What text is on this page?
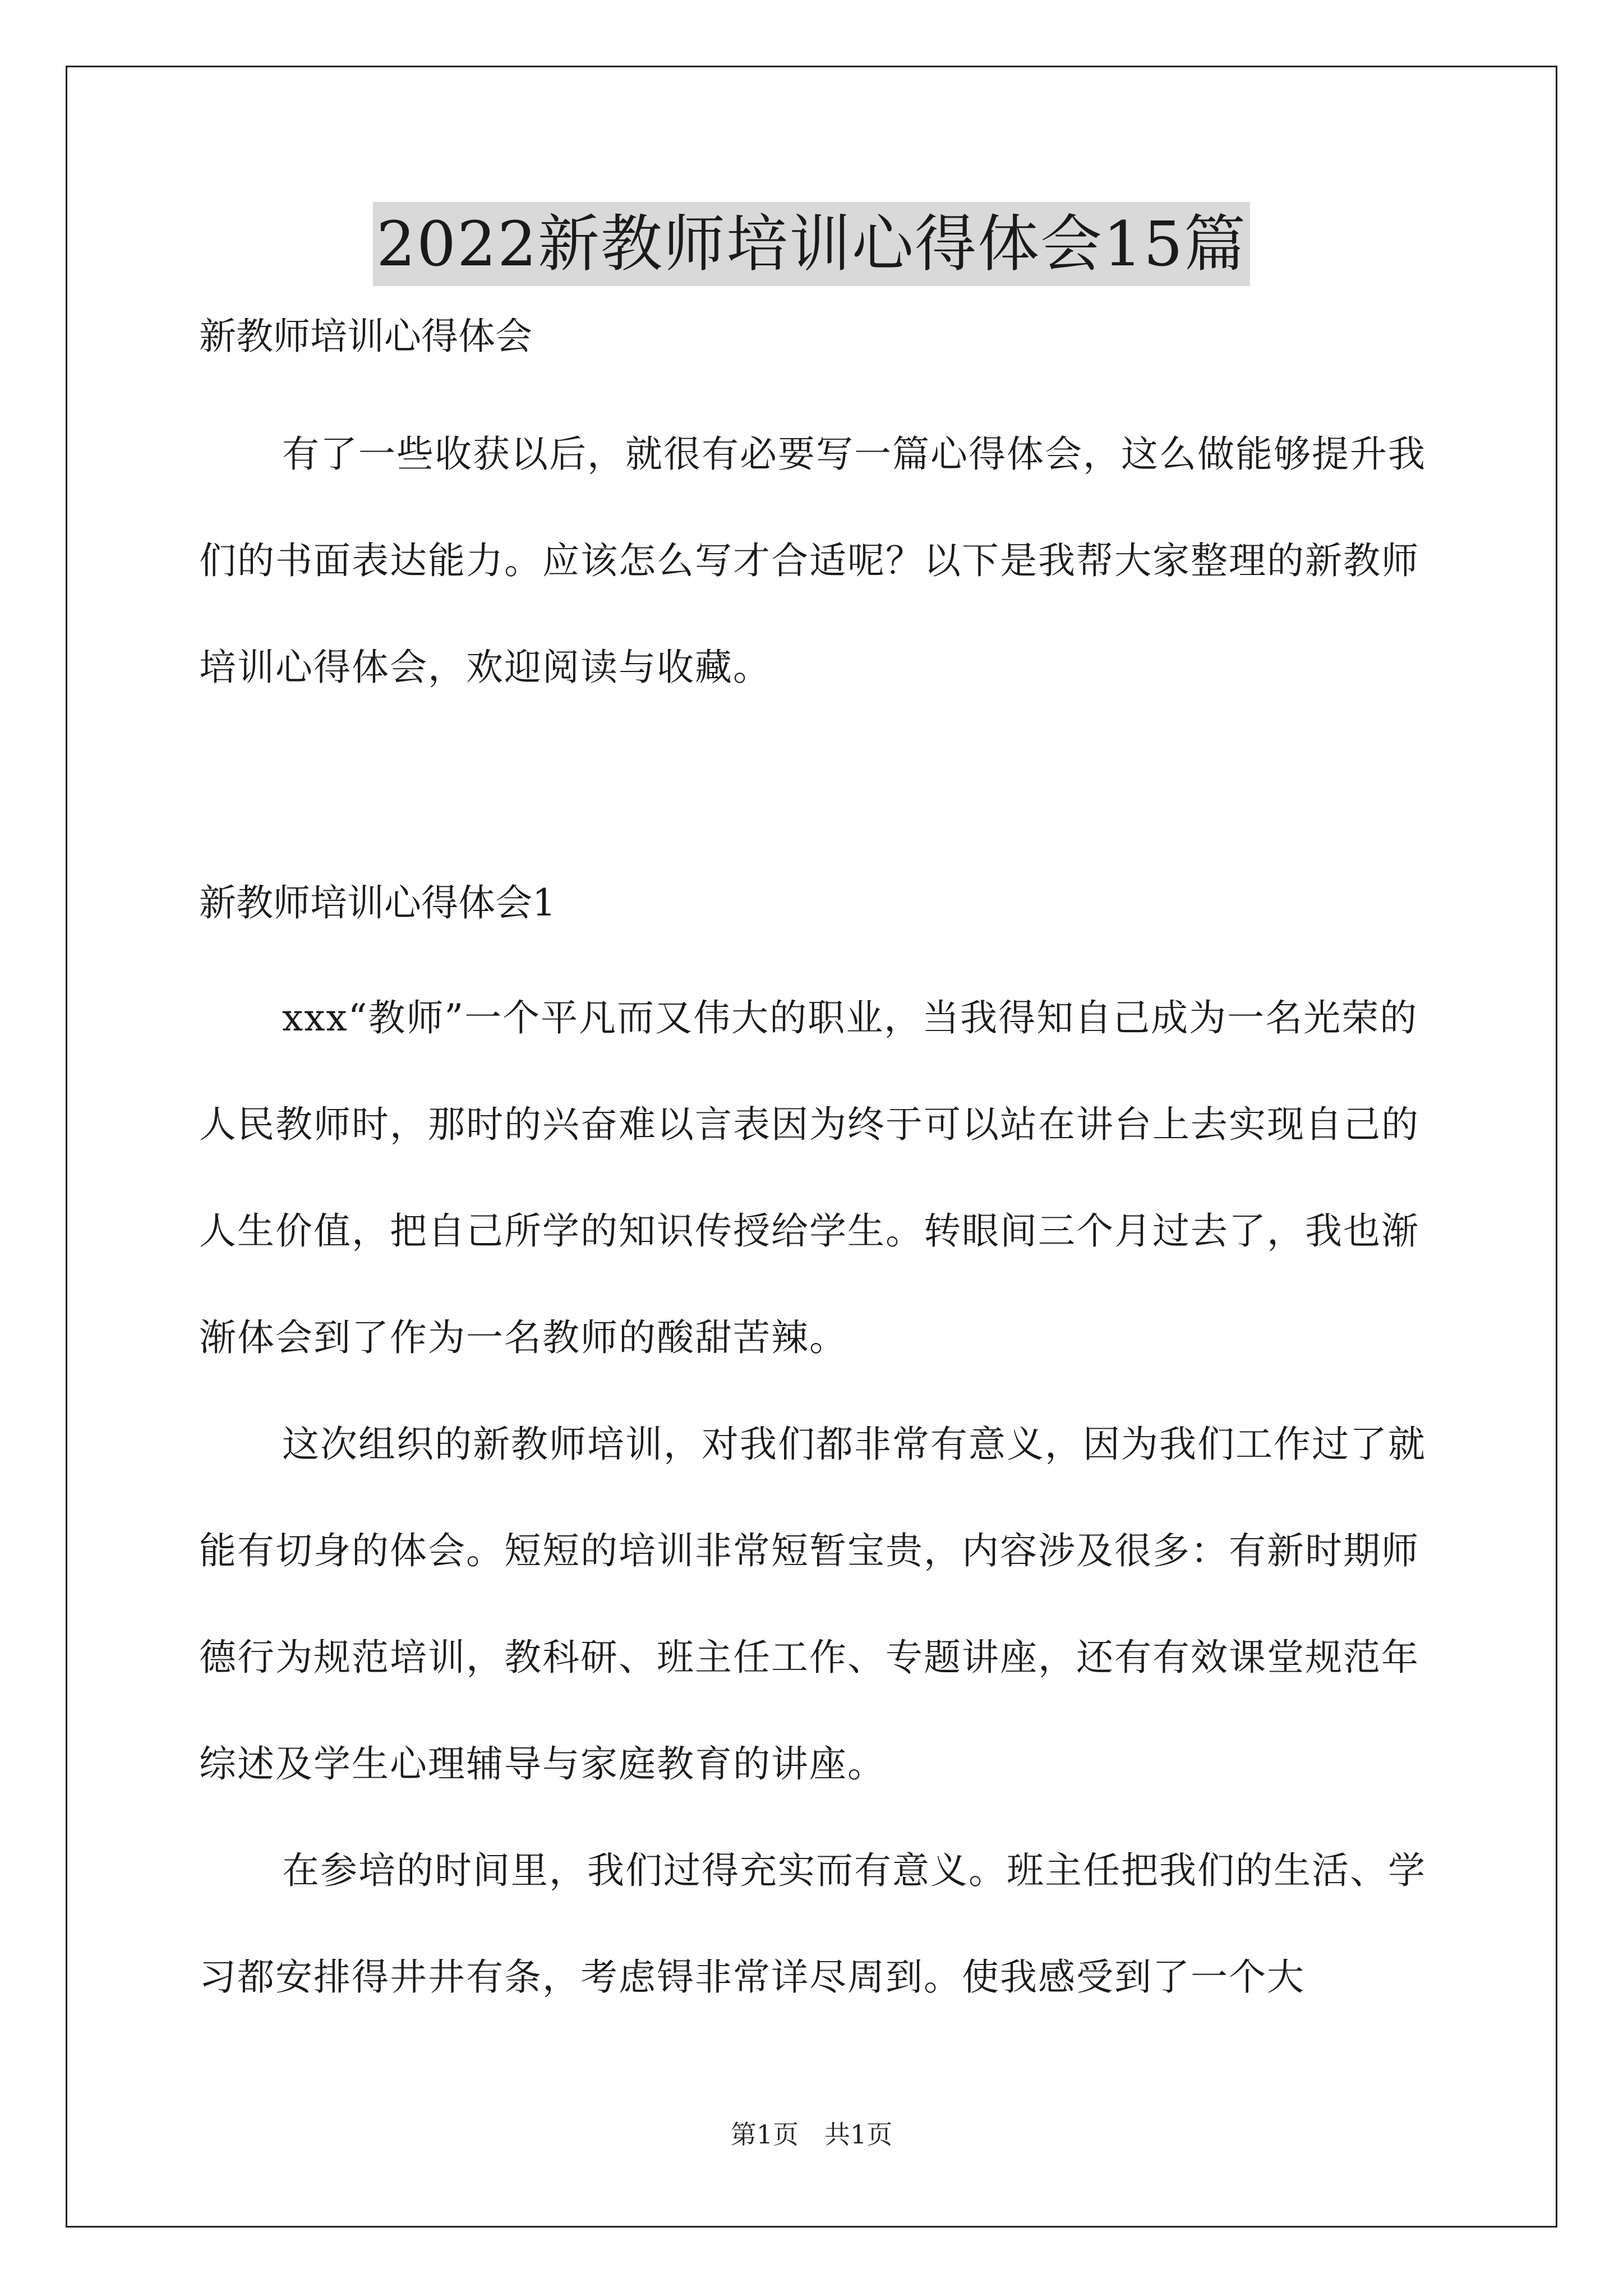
2022新教师培训心得体会15篇

新教师培训心得体会

有了一些收获以后，就很有必要写一篇心得体会，这么做能够提升我们的书面表达能力。应该怎么写才合适呢？以下是我帮大家整理的新教师培训心得体会，欢迎阅读与收藏。

新教师培训心得体会1

xxx“教师”一个平凡而又伟大的职业，当我得知自己成为一名光荣的人民教师时，那时的兴奋难以言表因为终于可以站在讲台上去实现自己的人生价值，把自己所学的知识传授给学生。转眼间三个月过去了，我也渐渐体会到了作为一名教师的酸甜苦辣。

这次组织的新教师培训，对我们都非常有意义，因为我们工作过了就能有切身的体会。短短的培训非常短暂宝贵，内容涉及很多：有新时期师德行为规范培训，教科研、班主任工作、专题讲座，还有有效课堂规范年综述及学生心理辅导与家庭教育的讲座。

在参培的时间里，我们过得充实而有意义。班主任把我们的生活、学习都安排得井井有条，考虑锝非常详尽周到。使我感受到了一个大

第1页　共1页
